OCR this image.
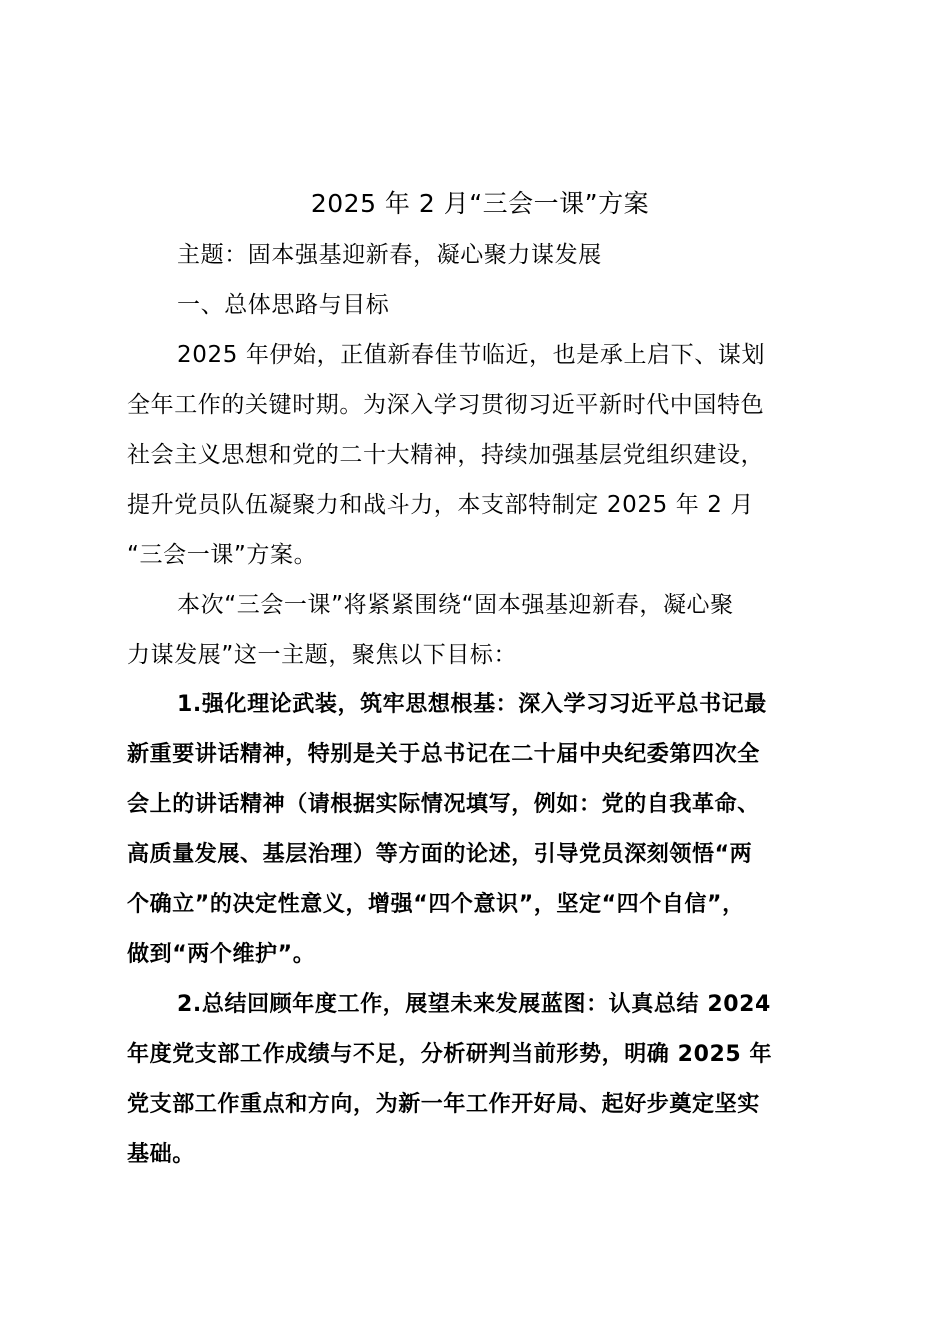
2025 年 2 月“三会一课”方案
主题：固本强基迎新春，凝心聚力谋发展
一、总体思路与目标
2025 年伊始，正值新春佳节临近，也是承上启下、谋划
全年工作的关键时期。为深入学习贯彻习近平新时代中国特色
社会主义思想和党的二十大精神，持续加强基层党组织建设，
提升党员队伍凝聚力和战斗力，本支部特制定 2025 年 2 月
“三会一课”方案。
本次“三会一课”将紧紧围绕“固本强基迎新春，凝心聚
力谋发展”这一主题，聚焦以下目标：
1.强化理论武装，筑牢思想根基：深入学习习近平总书记最
新重要讲话精神，特别是关于总书记在二十届中央纪委第四次全
会上的讲话精神（请根据实际情况填写，例如：党的自我革命、
高质量发展、基层治理）等方面的论述，引导党员深刻领悟“两
个确立”的决定性意义，增强“四个意识”，坚定“四个自信”，
做到“两个维护”。
2.总结回顾年度工作，展望未来发展蓝图：认真总结 2024
年度党支部工作成绩与不足，分析研判当前形势，明确 2025 年
党支部工作重点和方向，为新一年工作开好局、起好步奠定坚实
基础。
